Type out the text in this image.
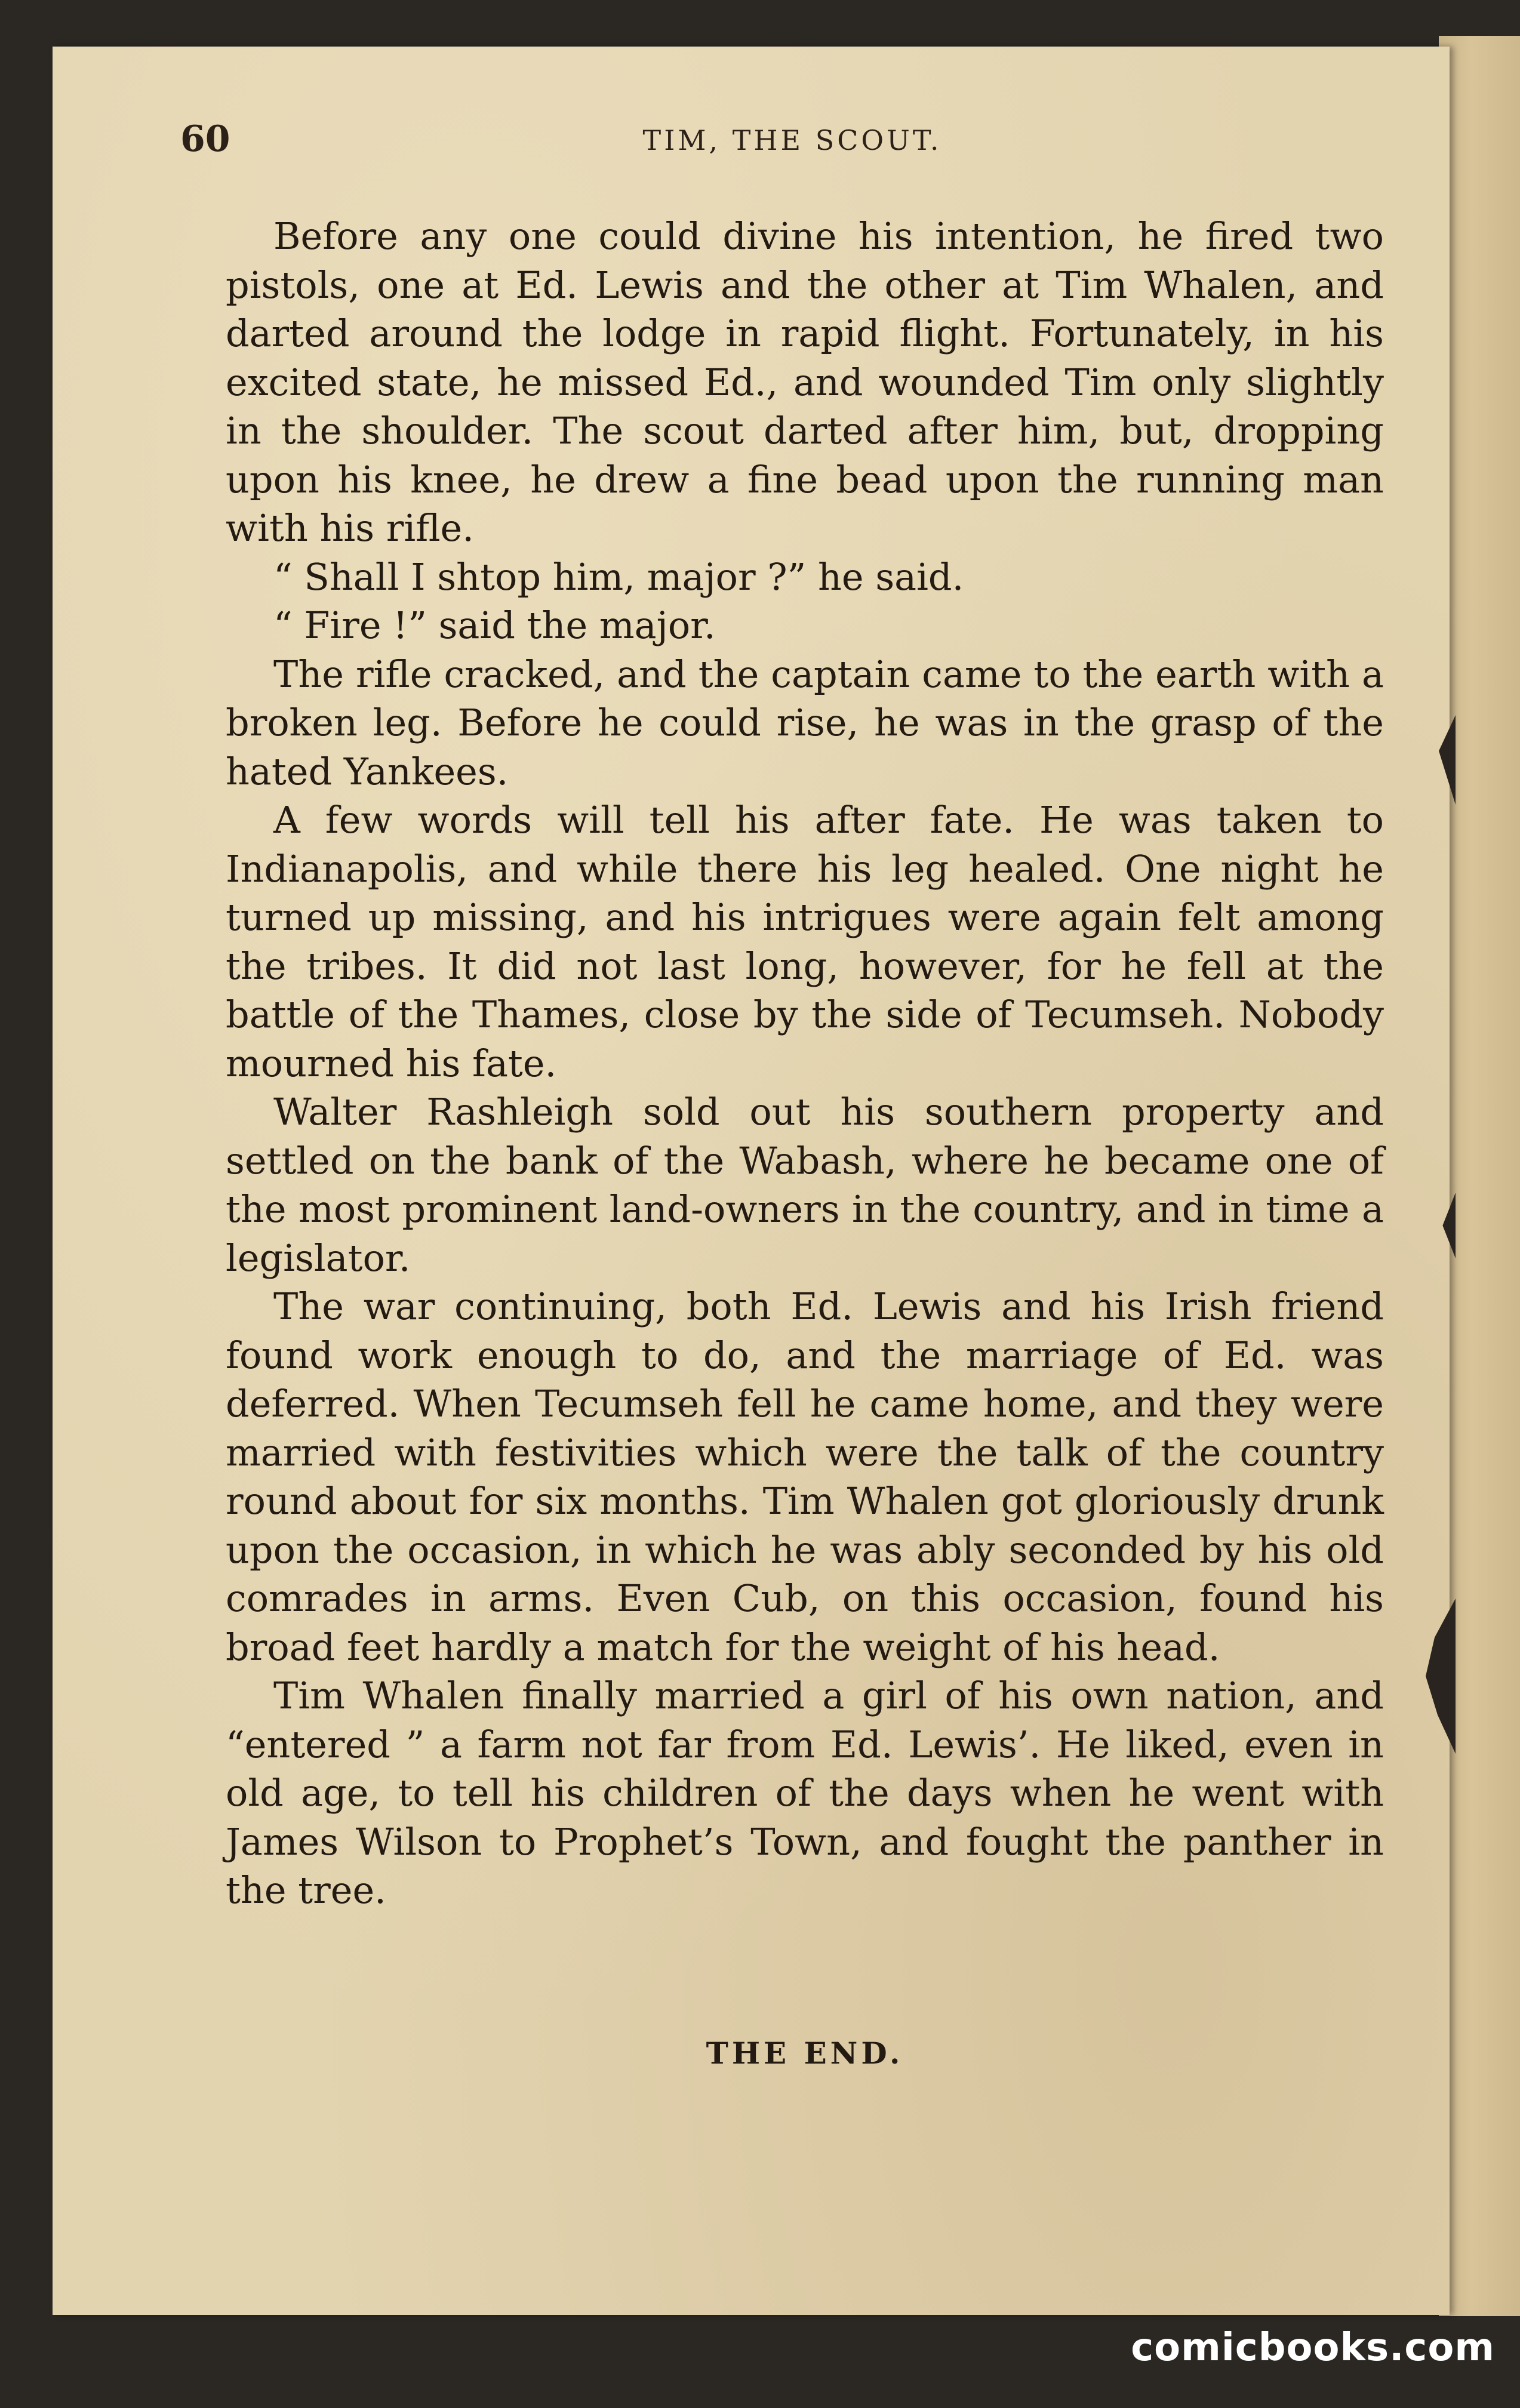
60	TIM, THE SCOUT.

Before any one could divine his intention, he fired two pistols, one at Ed. Lewis and the other at Tim Whalen, and darted around the lodge in rapid flight. Fortunately, in his excited state, he missed Ed., and wounded Tim only slightly in the shoulder. The scout darted after him, but, dropping upon his knee, he drew a fine bead upon the running man with his rifle.

“ Shall I shtop him, major ?” he said.

“ Fire !” said the major.

The rifle cracked, and the captain came to the earth with a broken leg. Before he could rise, he was in the grasp of the hated Yankees.

A few words will tell his after fate. He was taken to Indianapolis, and while there his leg healed. One night he turned up missing, and his intrigues were again felt among the tribes. It did not last long, however, for he fell at the battle of the Thames, close by the side of Tecumseh. Nobody mourned his fate.

Walter Rashleigh sold out his southern property and settled on the bank of the Wabash, where he became one of the most prominent land-owners in the country, and in time a legislator.

The war continuing, both Ed. Lewis and his Irish friend found work enough to do, and the marriage of Ed. was deferred. When Tecumseh fell he came home, and they were married with festivities which were the talk of the country round about for six months. Tim Whalen got gloriously drunk upon the occasion, in which he was ably seconded by his old comrades in arms. Even Cub, on this occasion, found his broad feet hardly a match for the weight of his head.

Tim Whalen finally married a girl of his own nation, and “entered ” a farm not far from Ed. Lewis’. He liked, even in old age, to tell his children of the days when he went with James Wilson to Prophet’s Town, and fought the panther in the tree.

THE END.
comicbooks.com
